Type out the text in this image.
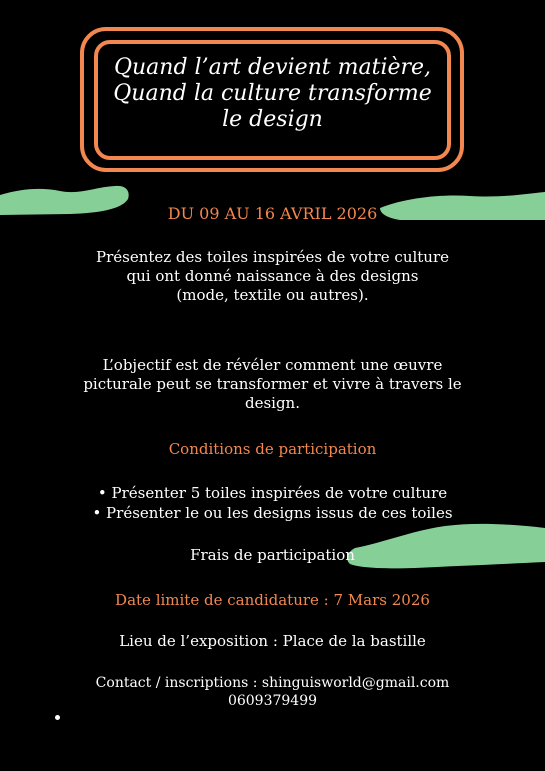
Quand l’art devient matière,
Quand la culture transforme
le design
DU 09 AU 16 AVRIL 2026
Présentez des toiles inspirées de votre culture
qui ont donné naissance à des designs
(mode, textile ou autres).
L’objectif est de révéler comment une œuvre
picturale peut se transformer et vivre à travers le
design.
Conditions de participation
• Présenter 5 toiles inspirées de votre culture
• Présenter le ou les designs issus de ces toiles
Frais de participation
Date limite de candidature : 7 Mars 2026
Lieu de l’exposition : Place de la bastille
Contact / inscriptions : shinguisworld@gmail.com
0609379499
